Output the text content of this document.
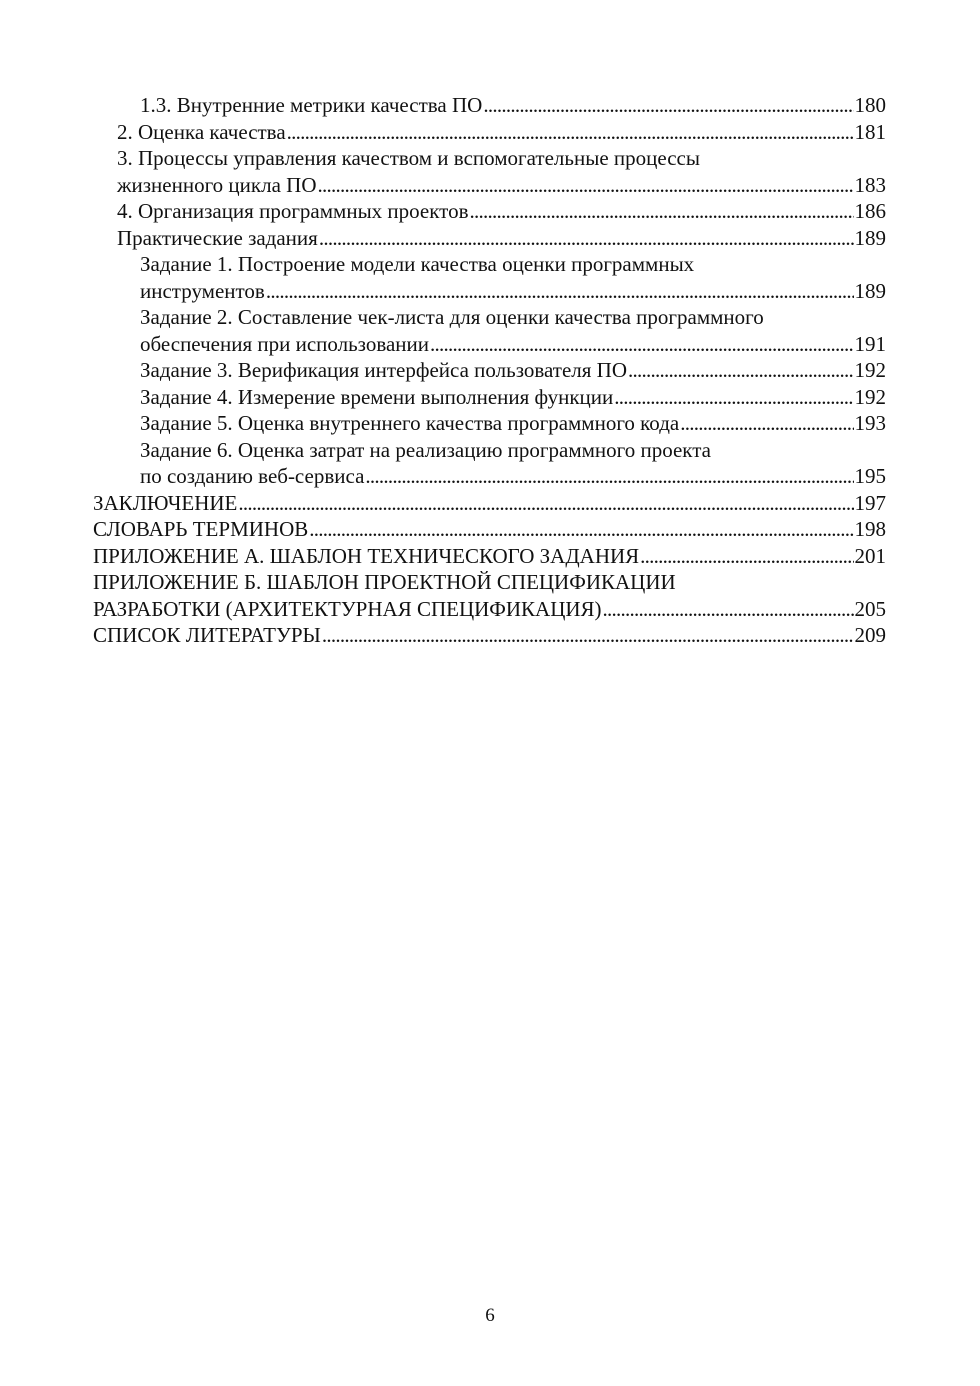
1.3. Внутренние метрики качества ПО . . .	180
2. Оценка качества . . .	181
3. Процессы управления качеством и вспомогательные процессы
жизненного цикла ПО . . .	183
4. Организация программных проектов . . .	186
Практические задания . . .	189
Задание 1. Построение модели качества оценки программных
инструментов . . .	189
Задание 2. Составление чек-листа для оценки качества программного
обеспечения при использовании . . .	191
Задание 3. Верификация интерфейса пользователя ПО . . .	192
Задание 4. Измерение времени выполнения функции . . .	192
Задание 5. Оценка внутреннего качества программного кода . . .	193
Задание 6. Оценка затрат на реализацию программного проекта
по созданию веб-сервиса . . .	195
ЗАКЛЮЧЕНИЕ . . .	197
СЛОВАРЬ ТЕРМИНОВ . . .	198
ПРИЛОЖЕНИЕ А. ШАБЛОН ТЕХНИЧЕСКОГО ЗАДАНИЯ . . .	201
ПРИЛОЖЕНИЕ Б. ШАБЛОН ПРОЕКТНОЙ СПЕЦИФИКАЦИИ
РАЗРАБОТКИ (АРХИТЕКТУРНАЯ СПЕЦИФИКАЦИЯ) . . .	205
СПИСОК ЛИТЕРАТУРЫ . . .	209
6
